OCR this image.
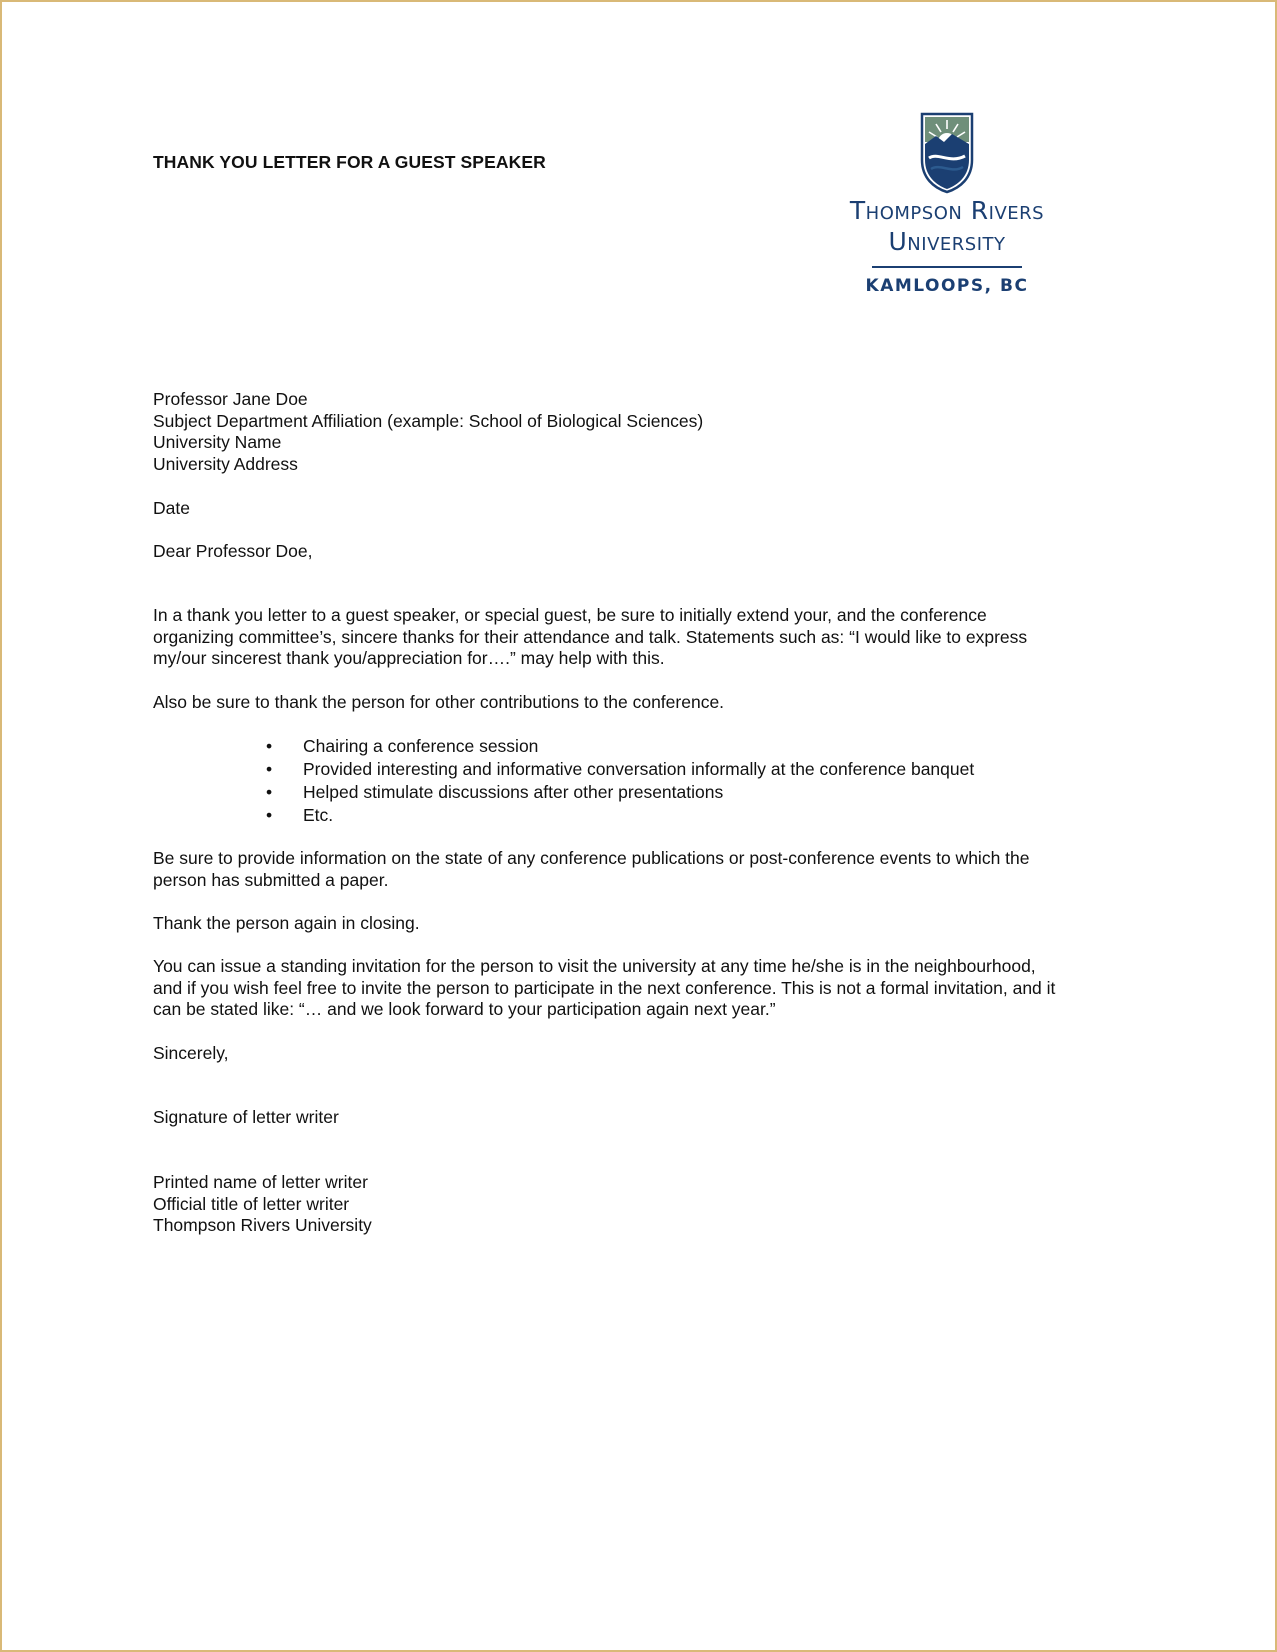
THANK YOU LETTER FOR A GUEST SPEAKER
Thompson Rivers
University
KAMLOOPS, BC
Professor Jane Doe
Subject Department Affiliation (example: School of Biological Sciences)
University Name
University Address
Date
Dear Professor Doe,
In a thank you letter to a guest speaker, or special guest, be sure to initially extend your, and the conference
organizing committee’s, sincere thanks for their attendance and talk. Statements such as: “I would like to express
my/our sincerest thank you/appreciation for….” may help with this.
Also be sure to thank the person for other contributions to the conference.
• Chairing a conference session
• Provided interesting and informative conversation informally at the conference banquet
• Helped stimulate discussions after other presentations
• Etc.
Be sure to provide information on the state of any conference publications or post-conference events to which the
person has submitted a paper.
Thank the person again in closing.
You can issue a standing invitation for the person to visit the university at any time he/she is in the neighbourhood,
and if you wish feel free to invite the person to participate in the next conference. This is not a formal invitation, and it
can be stated like: “… and we look forward to your participation again next year.”
Sincerely,
Signature of letter writer
Printed name of letter writer
Official title of letter writer
Thompson Rivers University
